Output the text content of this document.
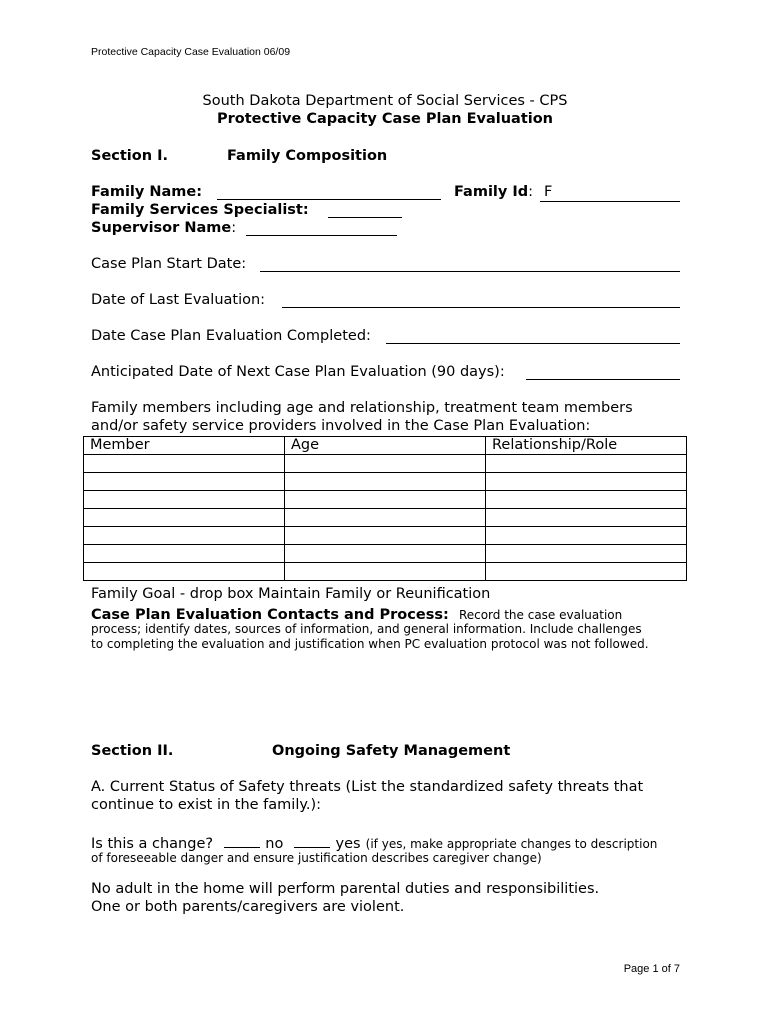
Protective Capacity Case Evaluation 06/09
South Dakota Department of Social Services - CPS
Protective Capacity Case Plan Evaluation
Section I.	Family Composition
Family Name:	Family Id: F
Family Services Specialist:
Supervisor Name:
Case Plan Start Date:
Date of Last Evaluation:
Date Case Plan Evaluation Completed:
Anticipated Date of Next Case Plan Evaluation (90 days):
Family members including age and relationship, treatment team members
and/or safety service providers involved in the Case Plan Evaluation:
Member	Age	Relationship/Role

Family Goal - drop box Maintain Family or Reunification
Case Plan Evaluation Contacts and Process: Record the case evaluation
process; identify dates, sources of information, and general information. Include challenges
to completing the evaluation and justification when PC evaluation protocol was not followed.
Section II.	Ongoing Safety Management
A. Current Status of Safety threats (List the standardized safety threats that
continue to exist in the family.):
Is this a change?	no	yes (if yes, make appropriate changes to description
of foreseeable danger and ensure justification describes caregiver change)
No adult in the home will perform parental duties and responsibilities.
One or both parents/caregivers are violent.
Page 1 of 7
